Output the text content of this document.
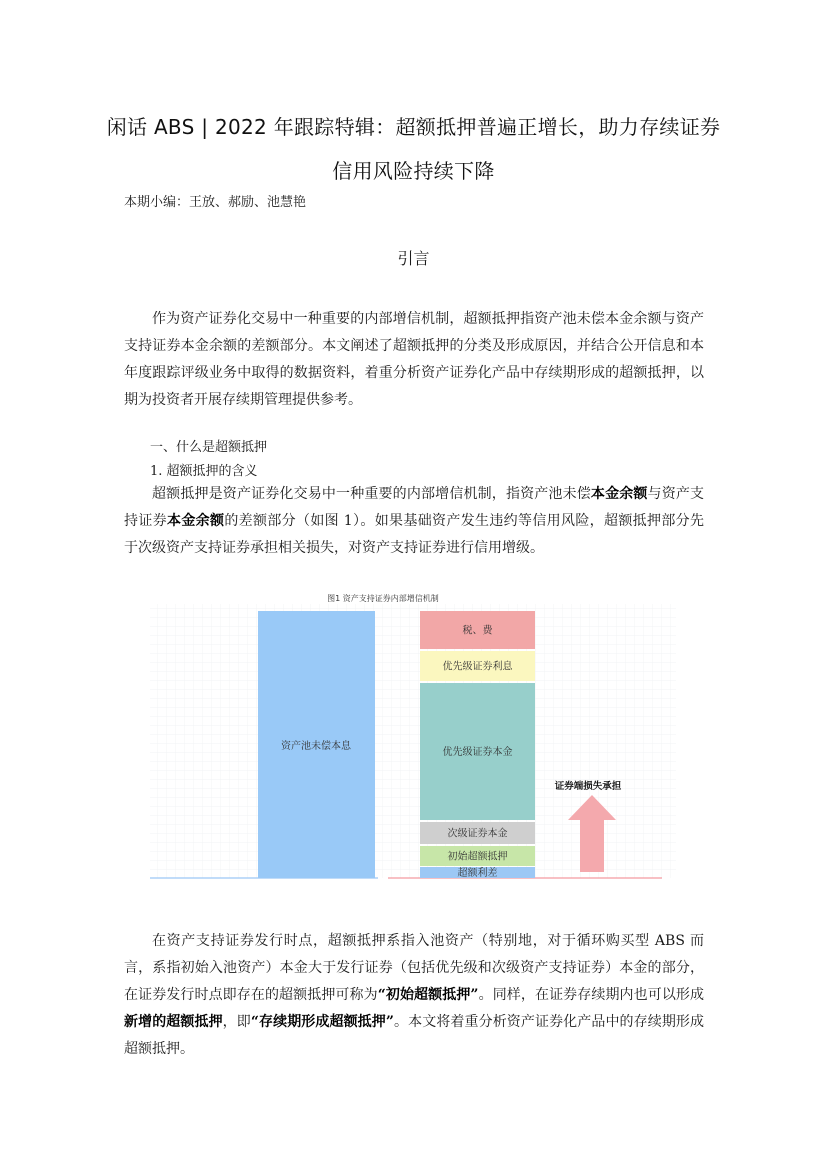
闲话 ABS | 2022 年跟踪特辑：超额抵押普遍正增长，助力存续证券
信用风险持续下降
本期小编：王放、郝励、池慧艳
引言
作为资产证券化交易中一种重要的内部增信机制，超额抵押指资产池未偿本金余额与资产支持证券本金余额的差额部分。本文阐述了超额抵押的分类及形成原因，并结合公开信息和本年度跟踪评级业务中取得的数据资料，着重分析资产证券化产品中存续期形成的超额抵押，以期为投资者开展存续期管理提供参考。
一、什么是超额抵押
1. 超额抵押的含义
超额抵押是资产证券化交易中一种重要的内部增信机制，指资产池未偿本金余额与资产支持证券本金余额的差额部分（如图 1）。如果基础资产发生违约等信用风险，超额抵押部分先于次级资产支持证券承担相关损失，对资产支持证券进行信用增级。
图1 资产支持证券内部增信机制
资产池未偿本息
税、费
优先级证券利息
优先级证券本金
次级证券本金
初始超额抵押
超额利差
证券端损失承担
在资产支持证券发行时点，超额抵押系指入池资产（特别地，对于循环购买型 ABS 而言，系指初始入池资产）本金大于发行证券（包括优先级和次级资产支持证券）本金的部分，在证券发行时点即存在的超额抵押可称为“初始超额抵押”。同样，在证券存续期内也可以形成新增的超额抵押，即“存续期形成超额抵押”。本文将着重分析资产证券化产品中的存续期形成超额抵押。
